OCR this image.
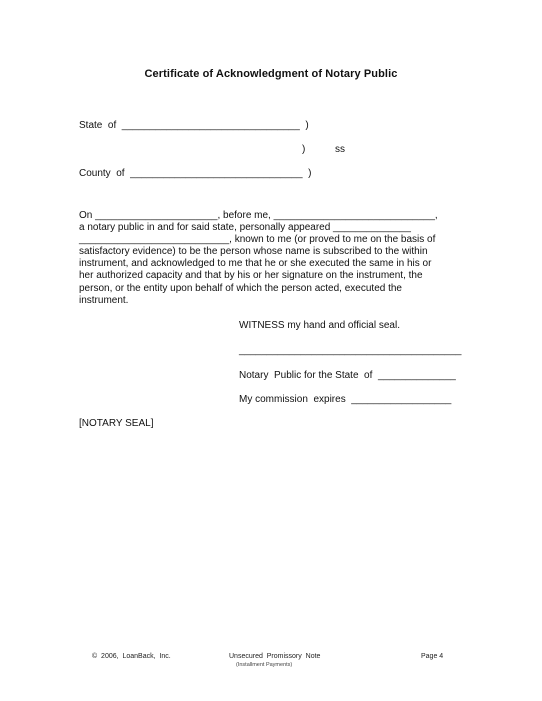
Certificate of Acknowledgment of Notary Public
State  of  ________________________________  )
)	ss
County  of  _______________________________  )
On ______________________, before me, _____________________________,
a notary public in and for said state, personally appeared ______________
___________________________, known to me (or proved to me on the basis of
satisfactory evidence) to be the person whose name is subscribed to the within
instrument, and acknowledged to me that he or she executed the same in his or
her authorized capacity and that by his or her signature on the instrument, the
person, or the entity upon behalf of which the person acted, executed the
instrument.
WITNESS my hand and official seal.
________________________________________
Notary  Public for the State  of  ______________
My commission  expires  __________________
[NOTARY SEAL]
©  2006,  LoanBack,  Inc.	Unsecured  Promissory  Note
(Installment Payments)
Page 4
